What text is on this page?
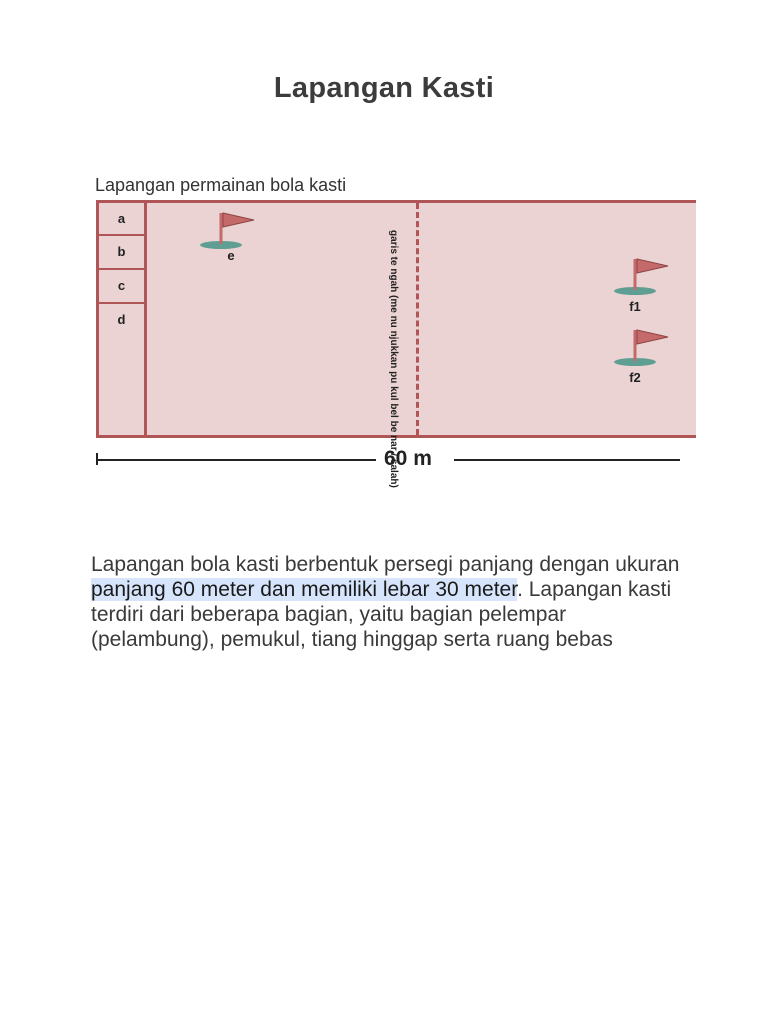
Lapangan Kasti
Lapangan permainan bola kasti
a
b
c
d	garis te ngah (me nu njukkan pu kul bel be nar / salah)
e
f1
f2
60 m
Lapangan bola kasti berbentuk persegi panjang dengan ukuran panjang 60 meter dan memiliki lebar 30 meter. Lapangan kasti terdiri dari beberapa bagian, yaitu bagian pelempar (pelambung), pemukul, tiang hinggap serta ruang bebas
